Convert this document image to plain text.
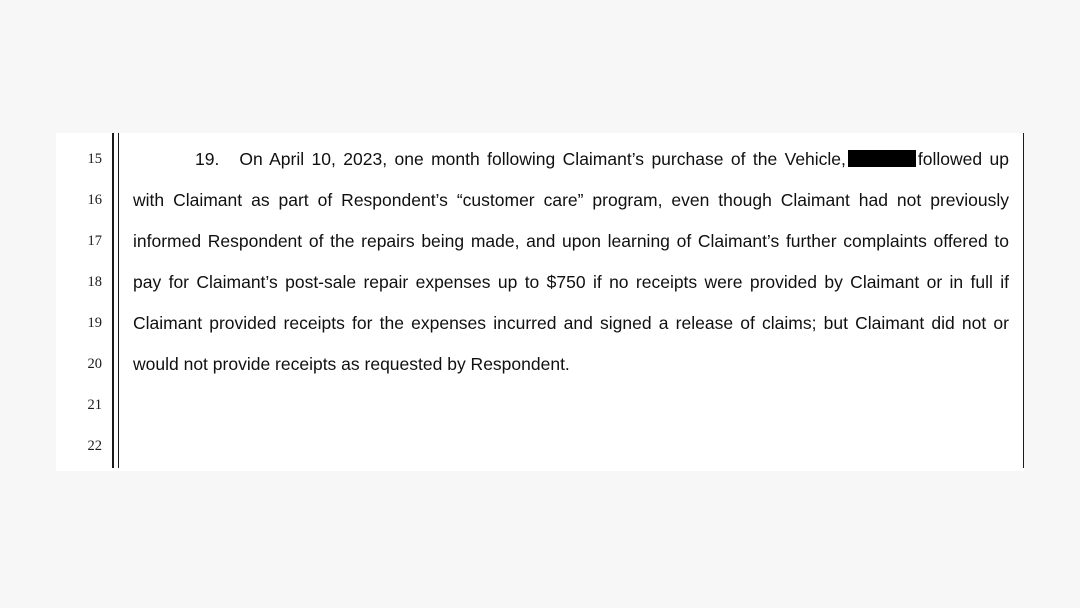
15
16
17
18
19
20
21
22

19. On April 10, 2023, one month following Claimant’s purchase of the Vehicle,	followed up with Claimant as part of Respondent’s “customer care” program, even though Claimant had not previously informed Respondent of the repairs being made, and upon learning of Claimant’s further complaints offered to pay for Claimant’s post-sale repair expenses up to $750 if no receipts were provided by Claimant or in full if Claimant provided receipts for the expenses incurred and signed a release of claims; but Claimant did not or would not provide receipts as requested by Respondent.
